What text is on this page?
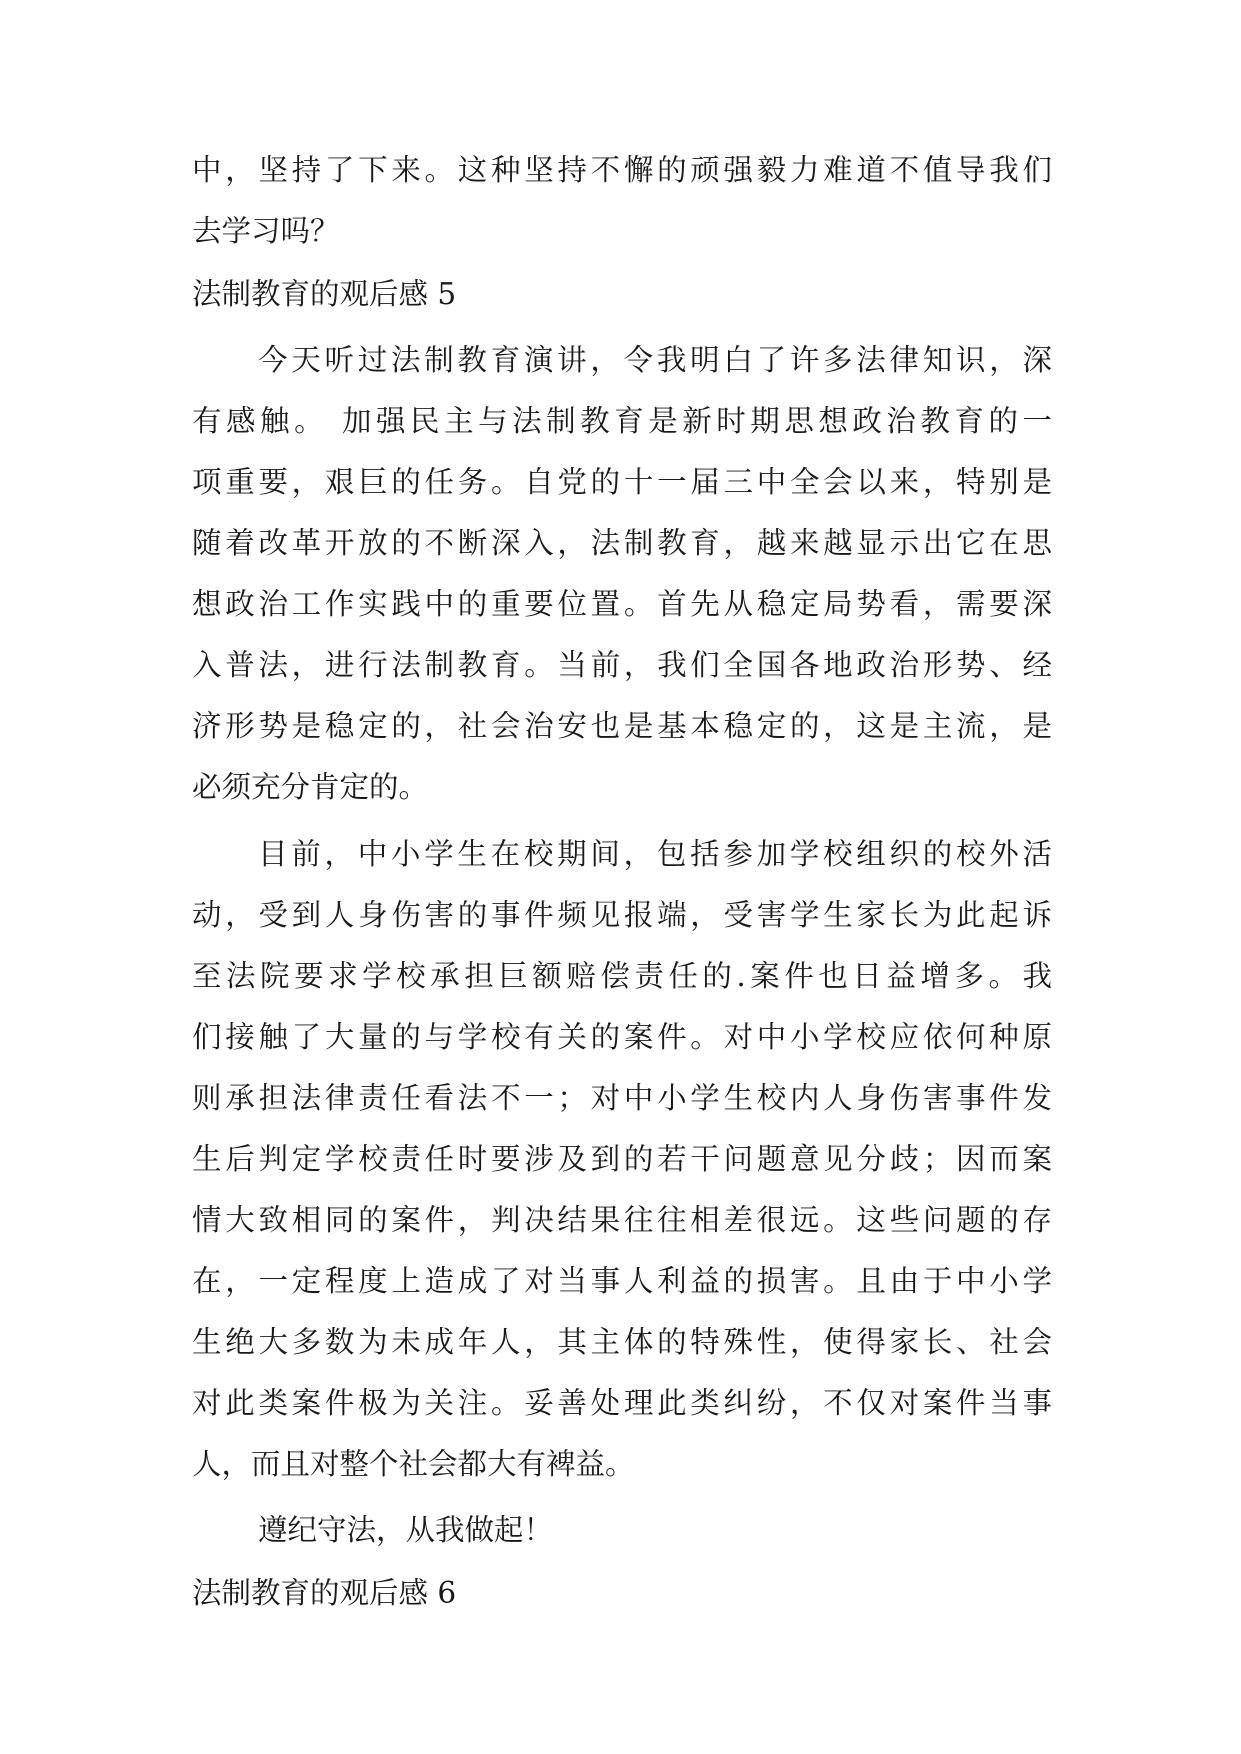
中，坚持了下来。这种坚持不懈的顽强毅力难道不值导我们
去学习吗？
法制教育的观后感 5
今天听过法制教育演讲，令我明白了许多法律知识，深
有感触。 加强民主与法制教育是新时期思想政治教育的一
项重要，艰巨的任务。自党的十一届三中全会以来，特别是
随着改革开放的不断深入，法制教育，越来越显示出它在思
想政治工作实践中的重要位置。首先从稳定局势看，需要深
入普法，进行法制教育。当前，我们全国各地政治形势、经
济形势是稳定的，社会治安也是基本稳定的，这是主流，是
必须充分肯定的。
目前，中小学生在校期间，包括参加学校组织的校外活
动，受到人身伤害的事件频见报端，受害学生家长为此起诉
至法院要求学校承担巨额赔偿责任的.案件也日益增多。我
们接触了大量的与学校有关的案件。对中小学校应依何种原
则承担法律责任看法不一；对中小学生校内人身伤害事件发
生后判定学校责任时要涉及到的若干问题意见分歧；因而案
情大致相同的案件，判决结果往往相差很远。这些问题的存
在，一定程度上造成了对当事人利益的损害。且由于中小学
生绝大多数为未成年人，其主体的特殊性，使得家长、社会
对此类案件极为关注。妥善处理此类纠纷，不仅对案件当事
人，而且对整个社会都大有裨益。
遵纪守法，从我做起！
法制教育的观后感 6
